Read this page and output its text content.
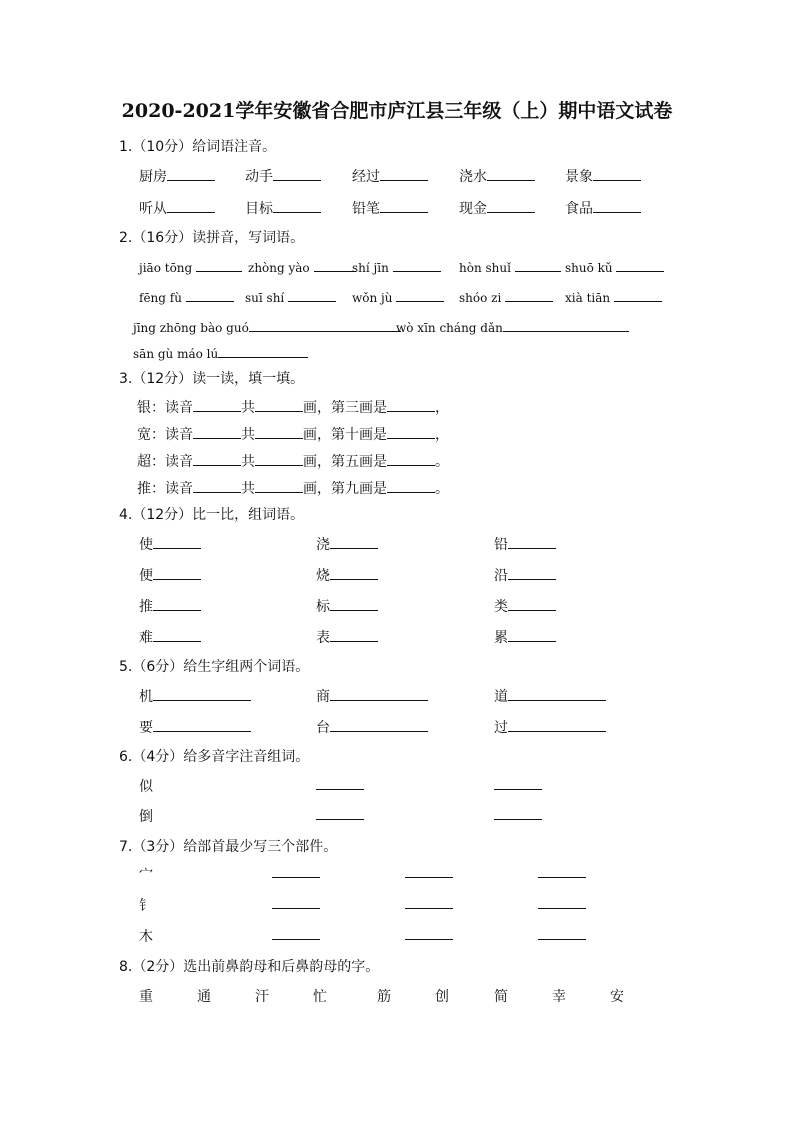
2020-2021学年安徽省合肥市庐江县三年级（上）期中语文试卷
1.（10分）给词语注音。
厨房	动手	经过	浇水	景象
听从	目标	铅笔	现金	食品
2.（16分）读拼音，写词语。
jiāo tōng	zhòng yào	shí jīn	hòn shuǐ	shuō kǔ
fēng fù	suī shí	wǒn jù	shóo zi	xià tiān
jīng zhōng bào guó	wò xīn cháng dǎn
sān gù máo lú
3.（12分）读一读，填一填。
银：读音	共	画，第三画是	，
宽：读音	共	画，第十画是	，
超：读音	共	画，第五画是	。
推：读音	共	画，第九画是	。
4.（12分）比一比，组词语。
使	浇	铅
便	烧	沿
推	标	类
难	表	累
5.（6分）给生字组两个词语。
机	商	道
要	台	过
6.（4分）给多音字注音组词。
似
倒
7.（3分）给部首最少写三个部件。
宀
钅
木
8.（2分）选出前鼻韵母和后鼻韵母的字。
重	通	汗	忙	筋	创	简	幸	安
